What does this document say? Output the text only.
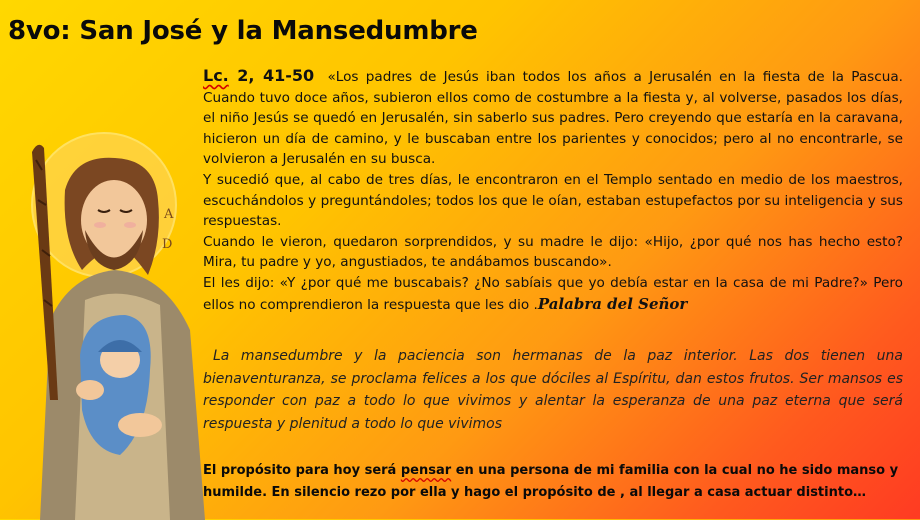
8vo: San José y la Mansedumbre
A
D

Lc. 2, 41-50 «Los padres de Jesús iban todos los años a Jerusalén en la fiesta de la Pascua. Cuando tuvo doce años, subieron ellos como de costumbre a la fiesta y, al volverse, pasados los días, el niño Jesús se quedó en Jerusalén, sin saberlo sus padres. Pero creyendo que estaría en la caravana, hicieron un día de camino, y le buscaban entre los parientes y conocidos; pero al no encontrarle, se volvieron a Jerusalén en su busca.

Y sucedió que, al cabo de tres días, le encontraron en el Templo sentado en medio de los maestros, escuchándolos y preguntándoles; todos los que le oían, estaban estupefactos por su inteligencia y sus respuestas.

Cuando le vieron, quedaron sorprendidos, y su madre le dijo: «Hijo, ¿por qué nos has hecho esto? Mira, tu padre y yo, angustiados, te andábamos buscando».

El les dijo: «Y ¿por qué me buscabais? ¿No sabíais que yo debía estar en la casa de mi Padre?» Pero ellos no comprendieron la respuesta que les dio .Palabra del Señor

La mansedumbre y la paciencia son hermanas de la paz interior. Las dos tienen una bienaventuranza, se proclama felices a los que dóciles al Espíritu, dan estos frutos. Ser mansos es responder con paz a todo lo que vivimos y alentar la esperanza de una paz eterna que será respuesta y plenitud a todo lo que vivimos

El propósito para hoy será pensar en una persona de mi familia con la cual no he sido manso y humilde. En silencio rezo por ella y hago el propósito de , al llegar a casa actuar distinto…
